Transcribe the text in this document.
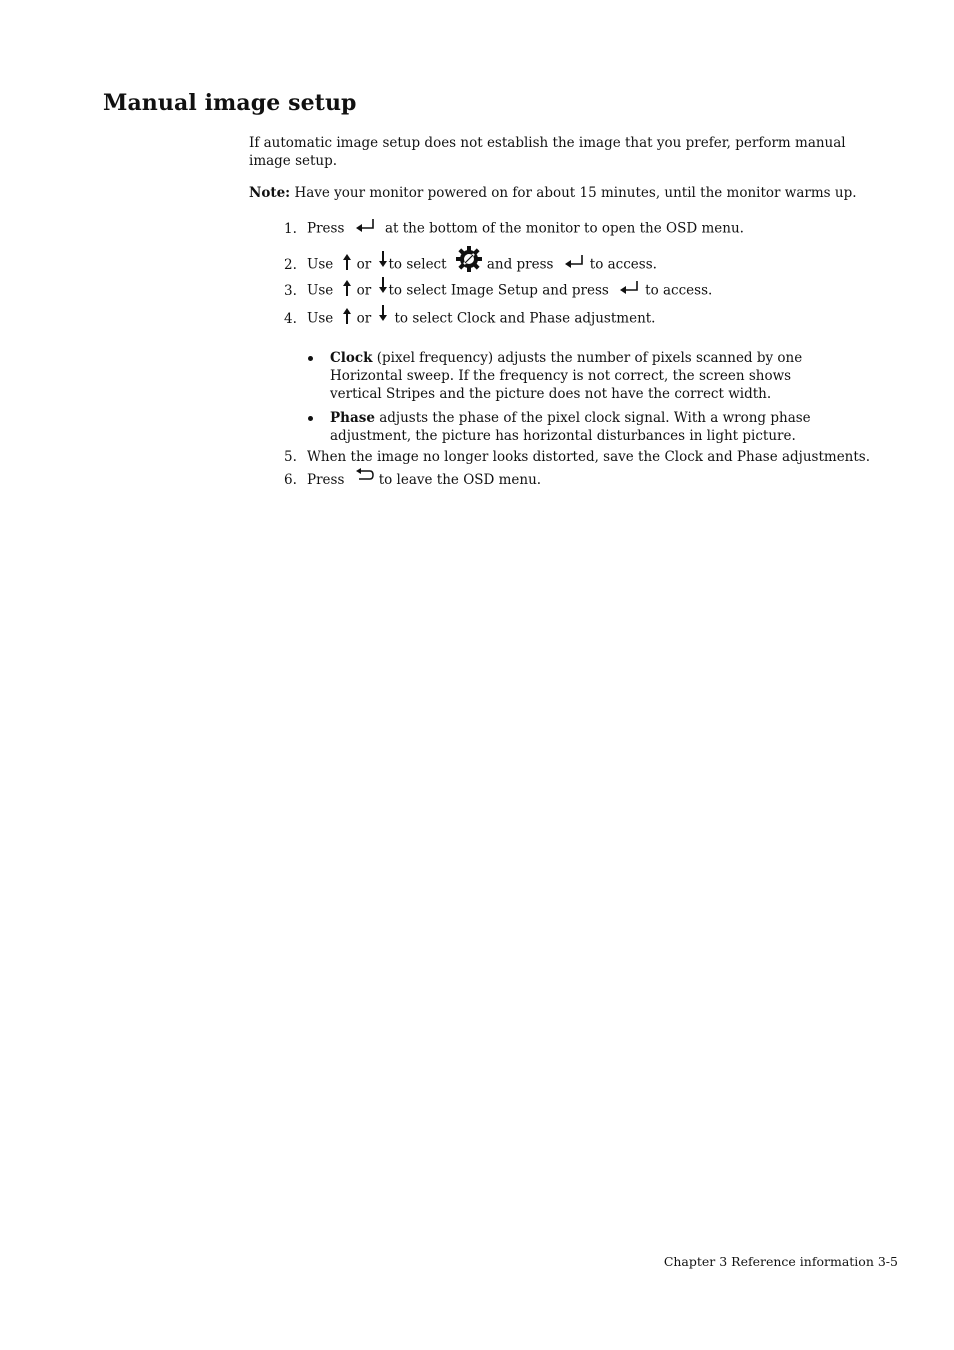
Manual image setup

If automatic image setup does not establish the image that you prefer, perform manual image setup.

Note: Have your monitor powered on for about 15 minutes, until the monitor warms up.

1. Press	at the bottom of the monitor to open the OSD menu.
2. Use or to select	and press	to access.
3. Use or to select Image Setup and press	to access.
4. Use or to select Clock and Phase adjustment.
Clock (pixel frequency) adjusts the number of pixels scanned by one Horizontal sweep. If the frequency is not correct, the screen shows vertical Stripes and the picture does not have the correct width.
Phase adjusts the phase of the pixel clock signal. With a wrong phase adjustment, the picture has horizontal disturbances in light picture.
5. When the image no longer looks distorted, save the Clock and Phase adjustments.
6. Press	to leave the OSD menu.
Chapter 3 Reference information 3-5
